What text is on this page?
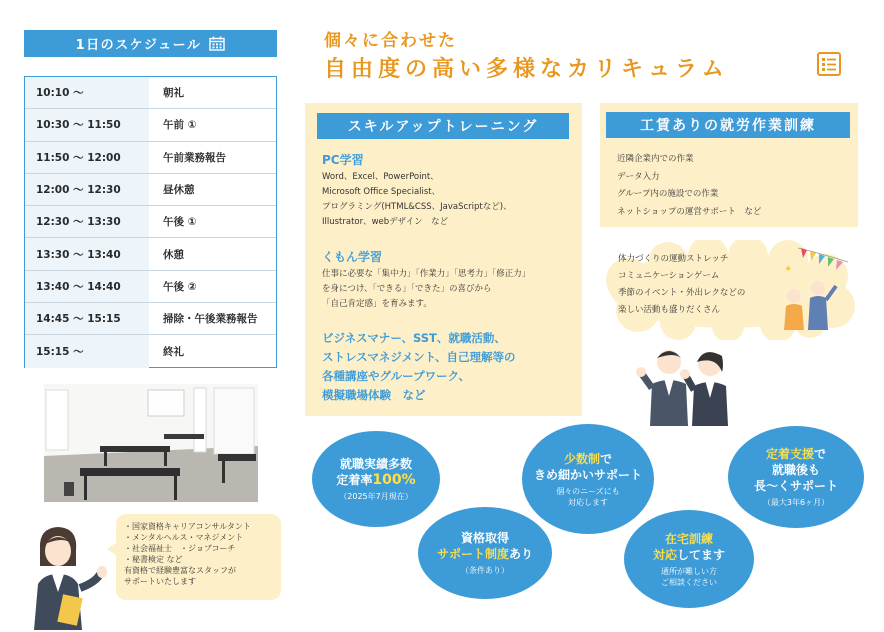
1日のスケジュール
10:10 〜	朝礼
10:30 〜 11:50	午前 ①
11:50 〜 12:00	午前業務報告
12:00 〜 12:30	昼休憩
12:30 〜 13:30	午後 ①
13:30 〜 13:40	休憩
13:40 〜 14:40	午後 ②
14:45 〜 15:15	掃除・午後業務報告
15:15 〜	終礼
・国家資格キャリアコンサルタント
・メンタルヘルス・マネジメント
・社会福祉士　・ジョブコーチ
・秘書検定 など
有資格で経験豊富なスタッフが
サポートいたします
個々に合わせた
自由度の高い多様なカリキュラム
スキルアップトレーニング
PC学習
Word、Excel、PowerPoint、
Microsoft Office Specialist、
プログラミング(HTML&CSS、JavaScriptなど)、
Illustrator、webデザイン　など
くもん学習
仕事に必要な「集中力」「作業力」「思考力」「修正力」
を身につけ、「できる」「できた」の喜びから
「自己肯定感」を育みます。
ビジネスマナー、SST、就職活動、
ストレスマネジメント、自己理解等の
各種講座やグループワーク、
模擬職場体験　など
工賃ありの就労作業訓練
近隣企業内での作業
データ入力
グループ内の施設での作業
ネットショップの運営サポート　など
✦
体力づくりの運動ストレッチ
コミュニケーションゲーム
季節のイベント・外出レクなどの
楽しい活動も盛りだくさん
就職実績多数
定着率100%
（2025年7月現在）
資格取得
サポート制度あり
（条件あり）
少数制で
きめ細かいサポート
個々のニーズにも
対応します
在宅訓練
対応してます
通所が難しい方
ご相談ください
定着支援で
就職後も
長〜くサポート
（最大3年6ヶ月）
